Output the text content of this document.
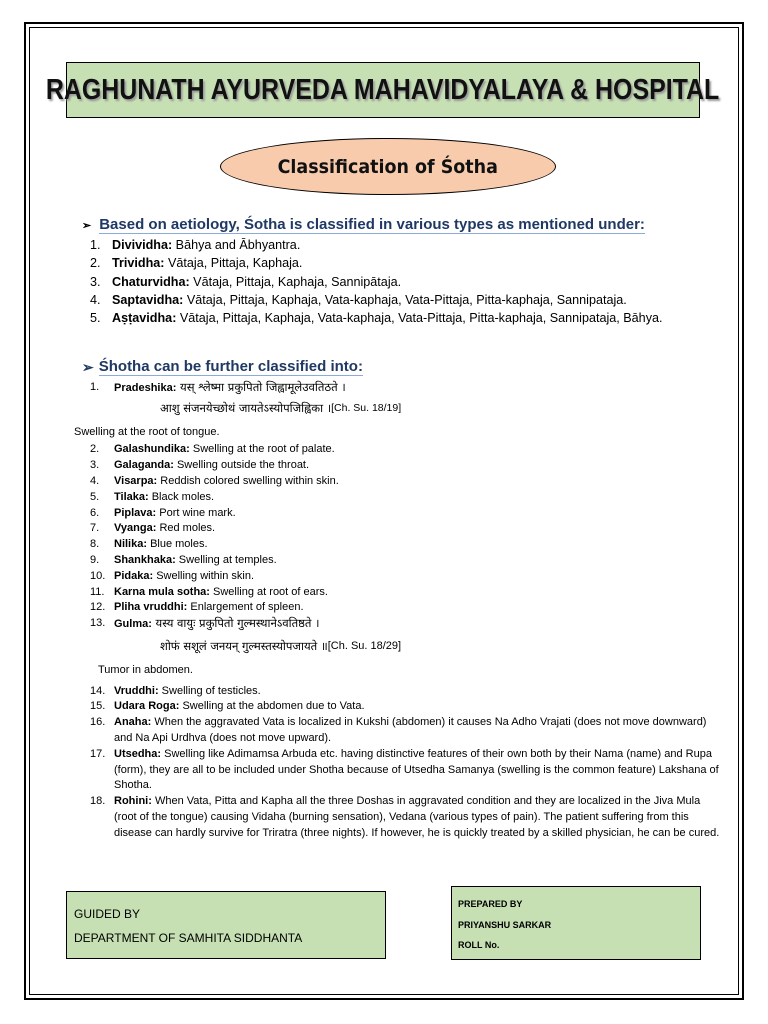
RAGHUNATH AYURVEDA MAHAVIDYALAYA & HOSPITAL
Classification of Śotha
➢ Based on aetiology, Śotha is classified in various types as mentioned under:
1. Divividha: Bāhya and Ābhyantra.
2. Trividha: Vātaja, Pittaja, Kaphaja.
3. Chaturvidha: Vātaja, Pittaja, Kaphaja, Sannipātaja.
4. Saptavidha: Vātaja, Pittaja, Kaphaja, Vata-kaphaja, Vata-Pittaja, Pitta-kaphaja, Sannipataja.
5. Aṣṭavidha: Vātaja, Pittaja, Kaphaja, Vata-kaphaja, Vata-Pittaja, Pitta-kaphaja, Sannipataja, Bāhya.
➢ Śhotha can be further classified into:
1.	Pradeshika: यस् श्लेष्मा प्रकुपितो जिह्वामूलेउवतिठते ।
आशु संजनयेच्छोथं जायतेऽस्योपजिह्विका । [Ch. Su. 18/19]
Swelling at the root of tongue.
2.	Galashundika: Swelling at the root of palate.
3.	Galaganda: Swelling outside the throat.
4.	Visarpa: Reddish colored swelling within skin.
5.	Tilaka: Black moles.
6.	Piplava: Port wine mark.
7.	Vyanga: Red moles.
8.	Nilika: Blue moles.
9.	Shankhaka: Swelling at temples.
10. Pidaka: Swelling within skin.
11. Karna mula sotha: Swelling at root of ears.
12. Pliha vruddhi: Enlargement of spleen.
13. Gulma: यस्य वायुः प्रकुपितो गुल्मस्थानेऽवतिष्ठते ।
शोफं सशूलं जनयन् गुल्मस्तस्योपजायते ॥ [Ch. Su. 18/29]
Tumor in abdomen.
14. Vruddhi: Swelling of testicles.
15. Udara Roga: Swelling at the abdomen due to Vata.
16. Anaha: When the aggravated Vata is localized in Kukshi (abdomen) it causes Na Adho Vrajati (does not move downward) and Na Api Urdhva (does not move upward).
17. Utsedha: Swelling like Adimamsa Arbuda etc. having distinctive features of their own both by their Nama (name) and Rupa (form), they are all to be included under Shotha because of Utsedha Samanya (swelling is the common feature) Lakshana of Shotha.
18. Rohini: When Vata, Pitta and Kapha all the three Doshas in aggravated condition and they are localized in the Jiva Mula (root of the tongue) causing Vidaha (burning sensation), Vedana (various types of pain). The patient suffering from this disease can hardly survive for Triratra (three nights). If however, he is quickly treated by a skilled physician, he can be cured.
GUIDED BY
DEPARTMENT OF SAMHITA SIDDHANTA
PREPARED BY
PRIYANSHU SARKAR
ROLL No.
